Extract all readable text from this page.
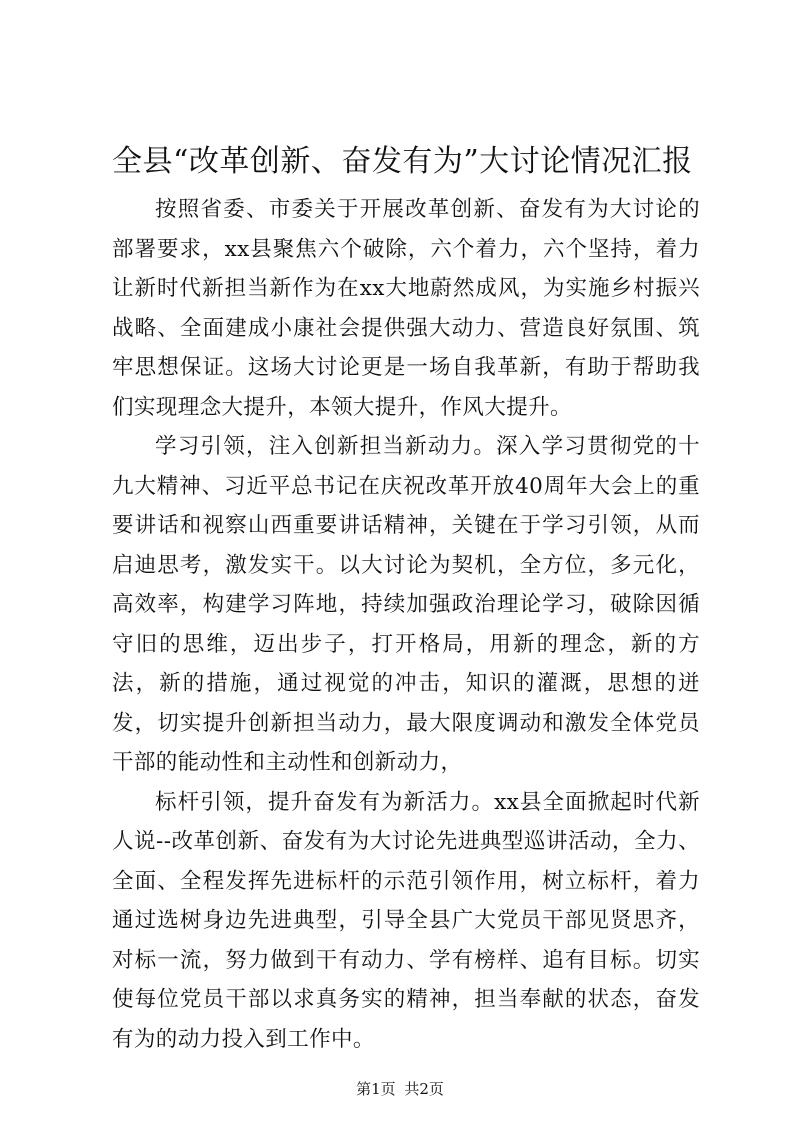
全县“改革创新、奋发有为”大讨论情况汇报

按照省委、市委关于开展改革创新、奋发有为大讨论的部署要求，xx县聚焦六个破除，六个着力，六个坚持，着力让新时代新担当新作为在xx大地蔚然成风，为实施乡村振兴战略、全面建成小康社会提供强大动力、营造良好氛围、筑牢思想保证。这场大讨论更是一场自我革新，有助于帮助我们实现理念大提升，本领大提升，作风大提升。

学习引领，注入创新担当新动力。深入学习贯彻党的十九大精神、习近平总书记在庆祝改革开放40周年大会上的重要讲话和视察山西重要讲话精神，关键在于学习引领，从而启迪思考，激发实干。以大讨论为契机，全方位，多元化，高效率，构建学习阵地，持续加强政治理论学习，破除因循守旧的思维，迈出步子，打开格局，用新的理念，新的方法，新的措施，通过视觉的冲击，知识的灌溉，思想的迸发，切实提升创新担当动力，最大限度调动和激发全体党员干部的能动性和主动性和创新动力，

标杆引领，提升奋发有为新活力。xx县全面掀起时代新人说--改革创新、奋发有为大讨论先进典型巡讲活动，全力、全面、全程发挥先进标杆的示范引领作用，树立标杆，着力通过选树身边先进典型，引导全县广大党员干部见贤思齐，对标一流，努力做到干有动力、学有榜样、追有目标。切实使每位党员干部以求真务实的精神，担当奉献的状态，奋发有为的动力投入到工作中。

第1页 共2页
